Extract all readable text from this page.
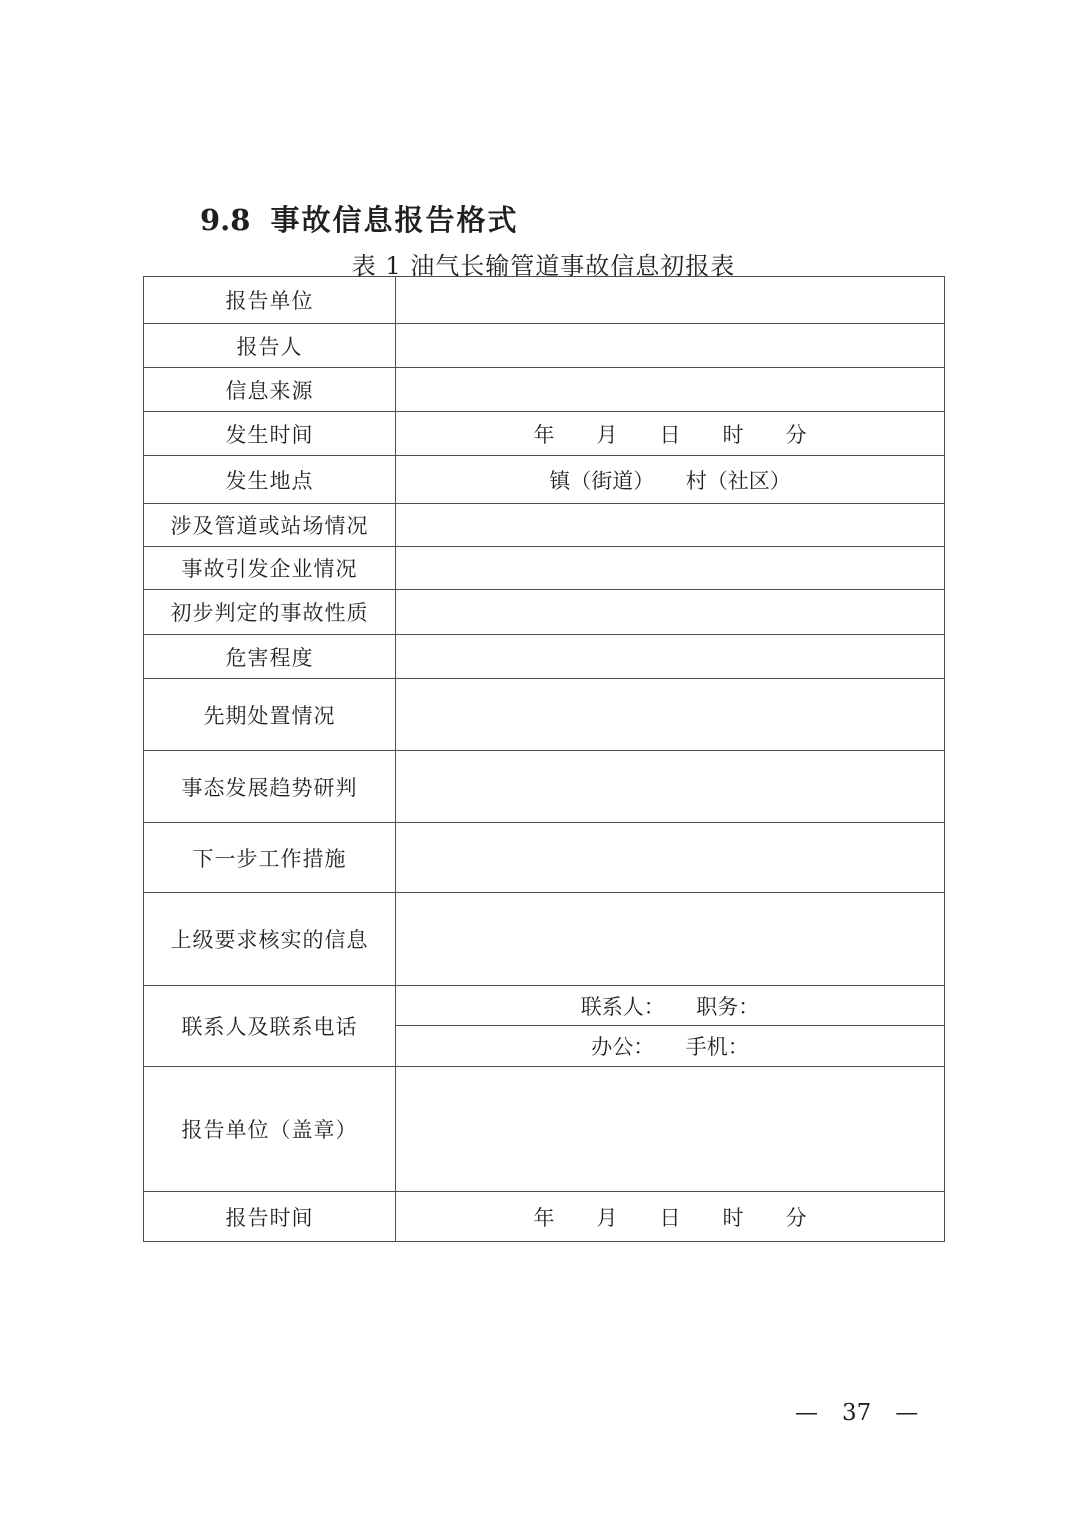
9.8 事故信息报告格式
表 1 油气长输管道事故信息初报表
报告单位	
报告人	
信息来源	
发生时间	年　　月　　日　　时　　分
发生地点	镇（街道）　　村（社区）
涉及管道或站场情况	
事故引发企业情况	
初步判定的事故性质	
危害程度	
先期处置情况	
事态发展趋势研判	
下一步工作措施	
上级要求核实的信息	
联系人及联系电话	联系人：　　职务：
办公：　　手机：

报告单位（盖章）	
报告时间	年　　月　　日　　时　　分
— 37 —
